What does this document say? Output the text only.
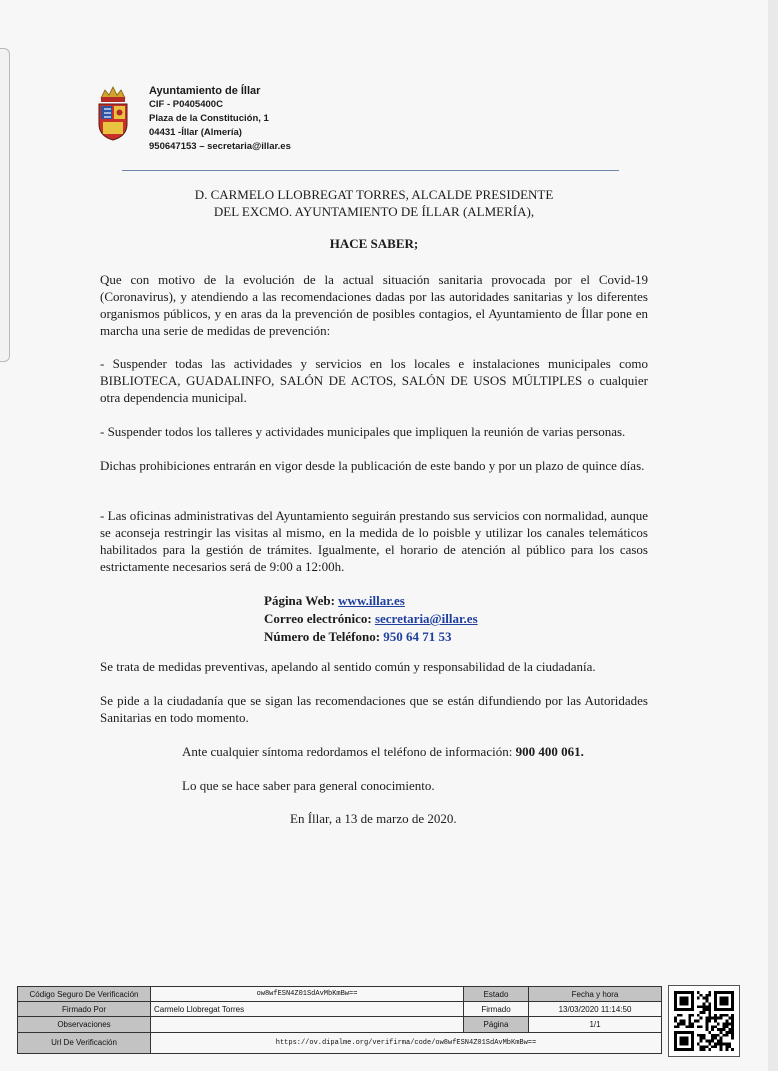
Ayuntamiento de Íllar
CIF - P0405400C
Plaza de la Constitución, 1
04431 -Íllar (Almería)
950647153 – secretaria@illar.es
D. CARMELO LLOBREGAT TORRES, ALCALDE PRESIDENTE
DEL EXCMO. AYUNTAMIENTO DE ÍLLAR (ALMERÍA),
HACE SABER;
Que con motivo de la evolución de la actual situación sanitaria provocada por el Covid-19 (Coronavirus), y atendiendo a las recomendaciones dadas por las autoridades sanitarias y los diferentes organismos públicos, y en aras da la prevención de posibles contagios, el Ayuntamiento de Íllar pone en marcha una serie de medidas de prevención:
- Suspender todas las actividades y servicios en los locales e instalaciones municipales como BIBLIOTECA, GUADALINFO, SALÓN DE ACTOS, SALÓN DE USOS MÚLTIPLES o cualquier otra dependencia municipal.
- Suspender todos los talleres y actividades municipales que impliquen la reunión de varias personas.
Dichas prohibiciones entrarán en vigor desde la publicación de este bando y por un plazo de quince días.
- Las oficinas administrativas del Ayuntamiento seguirán prestando sus servicios con normalidad, aunque se aconseja restringir las visitas al mismo, en la medida de lo poisble y utilizar los canales telemáticos habilitados para la gestión de trámites. Igualmente, el horario de atención al público para los casos estrictamente necesarios será de 9:00 a 12:00h.
Página Web: www.illar.es
Correo electrónico: secretaria@illar.es
Número de Teléfono: 950 64 71 53
Se trata de medidas preventivas, apelando al sentido común y responsabilidad de la ciudadanía.
Se pide a la ciudadanía que se sigan las recomendaciones que se están difundiendo por las Autoridades Sanitarias en todo momento.
Ante cualquier síntoma redordamos el teléfono de información: 900 400 061.
Lo que se hace saber para general conocimiento.
En Íllar, a 13 de marzo de 2020.
Código Seguro De Verificación	ow8wfESN4Z01SdAvMbKmBw==	Estado	Fecha y hora
Firmado Por	Carmelo Llobregat Torres	Firmado	13/03/2020 11:14:50
Observaciones		Página	1/1
Url De Verificación	https://ov.dipalme.org/verifirma/code/ow8wfESN4Z01SdAvMbKmBw==		
